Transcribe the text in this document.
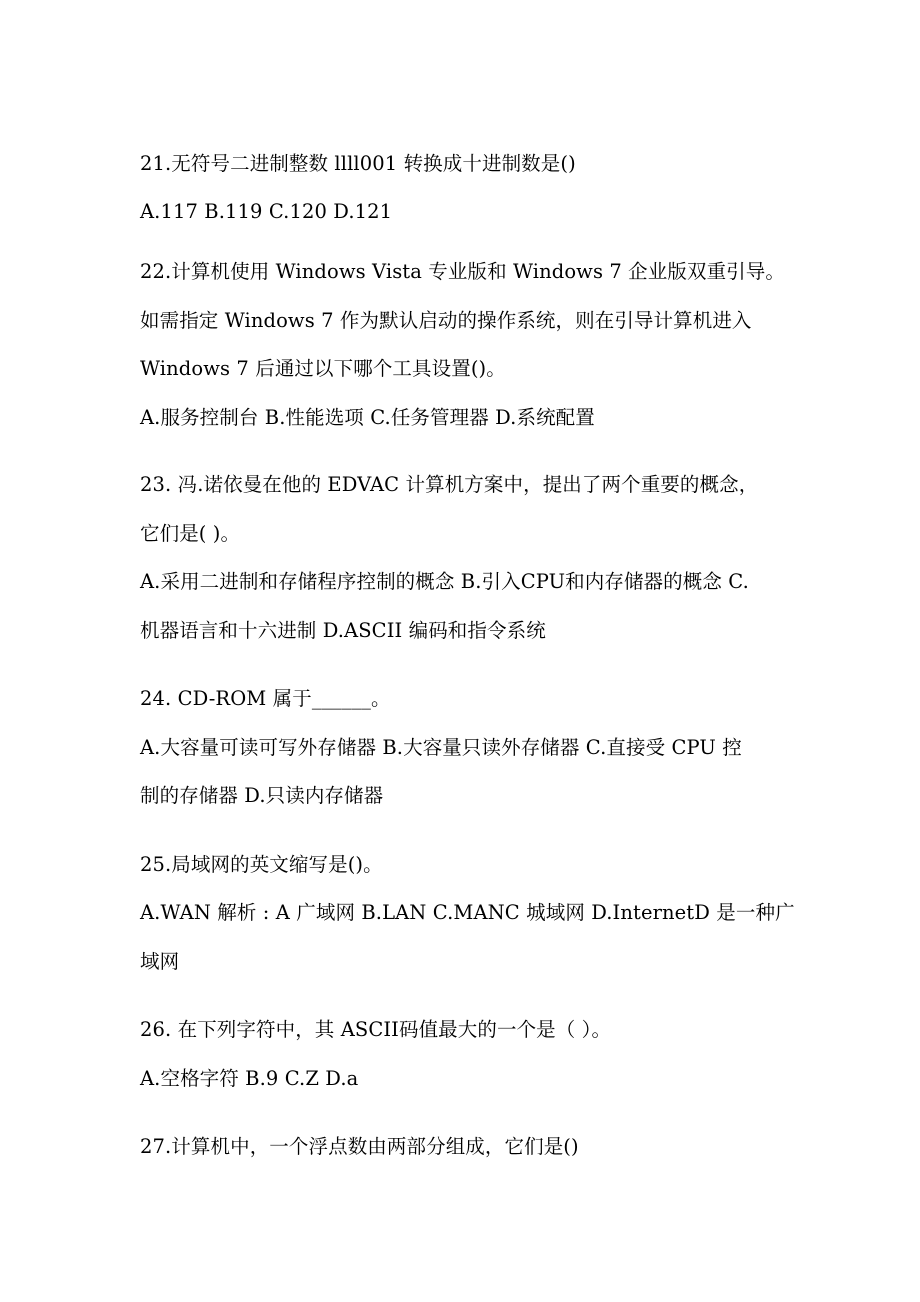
21.无符号二进制整数 llll001 转换成十进制数是()
A.117 B.119 C.120 D.121
22.计算机使用 Windows Vista 专业版和 Windows 7 企业版双重引导。
如需指定 Windows 7 作为默认启动的操作系统，则在引导计算机进入
Windows 7 后通过以下哪个工具设置()。
A.服务控制台 B.性能选项 C.任务管理器 D.系统配置
23. 冯.诺依曼在他的 EDVAC 计算机方案中，提出了两个重要的概念，
它们是( )。
A.采用二进制和存储程序控制的概念 B.引入CPU和内存储器的概念 C.
机器语言和十六进制 D.ASCII 编码和指令系统
24. CD-ROM 属于______。
A.大容量可读可写外存储器 B.大容量只读外存储器 C.直接受 CPU 控
制的存储器 D.只读内存储器
25.局域网的英文缩写是()。
A.WAN 解析 : A 广域网 B.LAN C.MANC 城域网 D.InternetD 是一种广
域网
26. 在下列字符中，其 ASCII码值最大的一个是（ ）。
A.空格字符 B.9 C.Z D.a
27.计算机中，一个浮点数由两部分组成，它们是()
